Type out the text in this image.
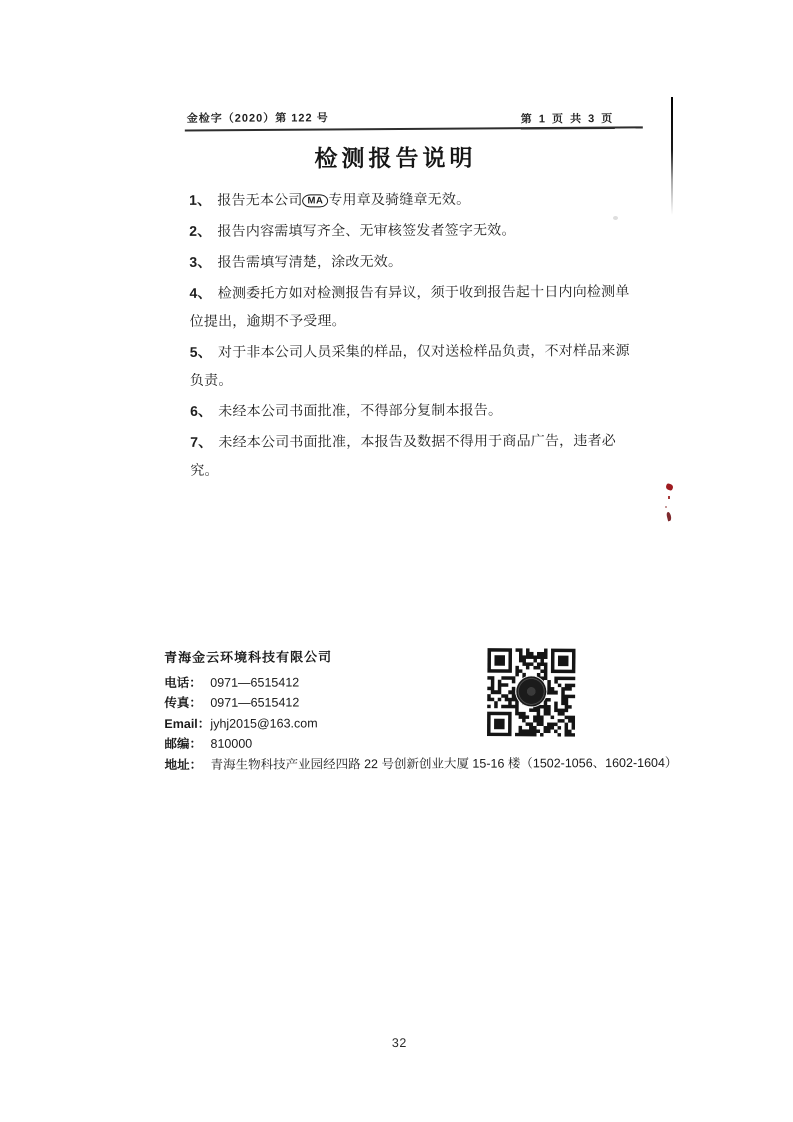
金检字（2020）第 122 号	第 1 页 共 3 页
检测报告说明
1、 报告无本公司 MA 专用章及骑缝章无效。
2、 报告内容需填写齐全、无审核签发者签字无效。
3、 报告需填写清楚，涂改无效。
4、 检测委托方如对检测报告有异议，须于收到报告起十日内向检测单位提出，逾期不予受理。
5、 对于非本公司人员采集的样品，仅对送检样品负责，不对样品来源负责。
6、 未经本公司书面批准，不得部分复制本报告。
7、 未经本公司书面批准，本报告及数据不得用于商品广告，违者必究。
青海金云环境科技有限公司
电话： 0971—6515412
传真： 0971—6515412
Email：jyhj2015@163.com
邮编： 810000
地址： 青海生物科技产业园经四路 22 号创新创业大厦 15-16 楼（1502-1056、1602-1604）
32
